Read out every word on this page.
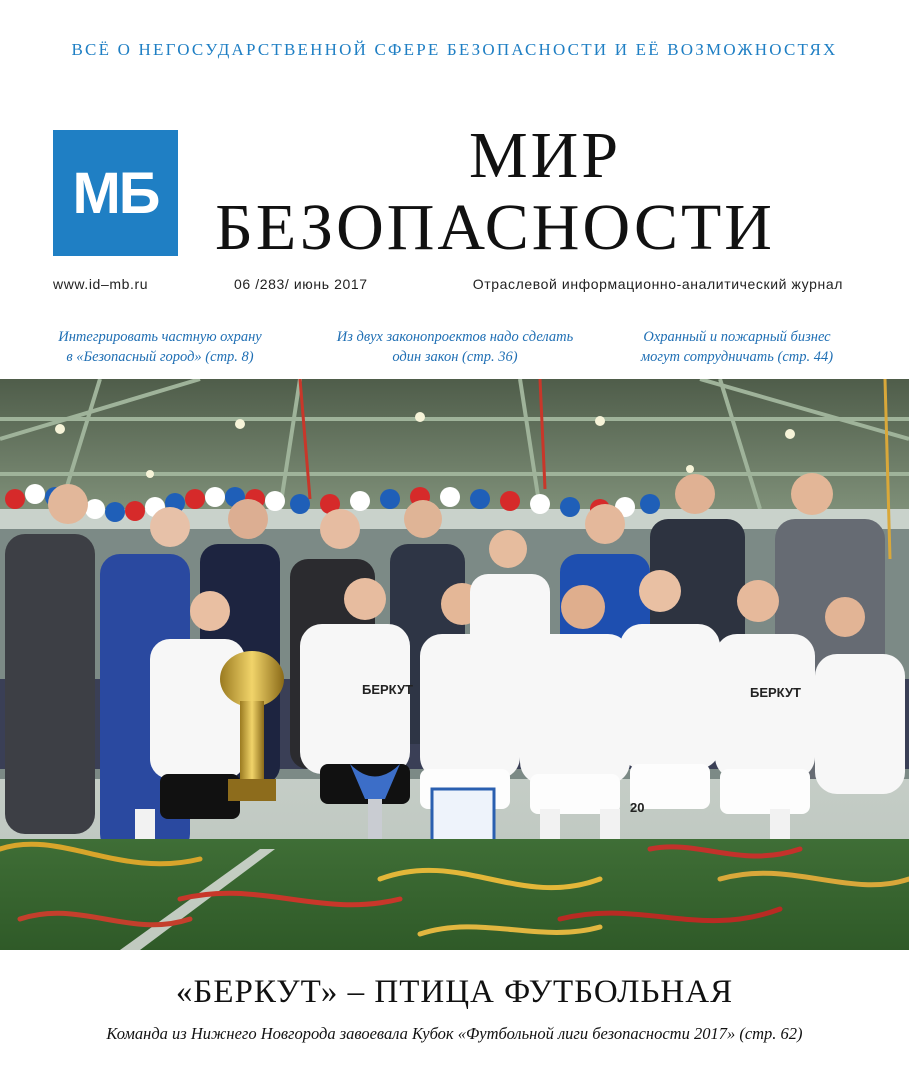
ВСЁ О НЕГОСУДАРСТВЕННОЙ СФЕРЕ БЕЗОПАСНОСТИ И ЕЁ ВОЗМОЖНОСТЯХ
МБ
МИР
БЕЗОПАСНОСТИ
www.id–mb.ru	06 /283/ июнь 2017	Отраслевой информационно-аналитический журнал
Интегрировать частную охрану
в «Безопасный город» (стр. 8)
Из двух законопроектов надо сделать
один закон (стр. 36)
Охранный и пожарный бизнес
могут сотрудничать (стр. 44)
БЕРКУТ	БЕРКУТ
20
«БЕРКУТ» – ПТИЦА ФУТБОЛЬНАЯ
Команда из Нижнего Новгорода завоевала Кубок «Футбольной лиги безопасности 2017» (стр. 62)
